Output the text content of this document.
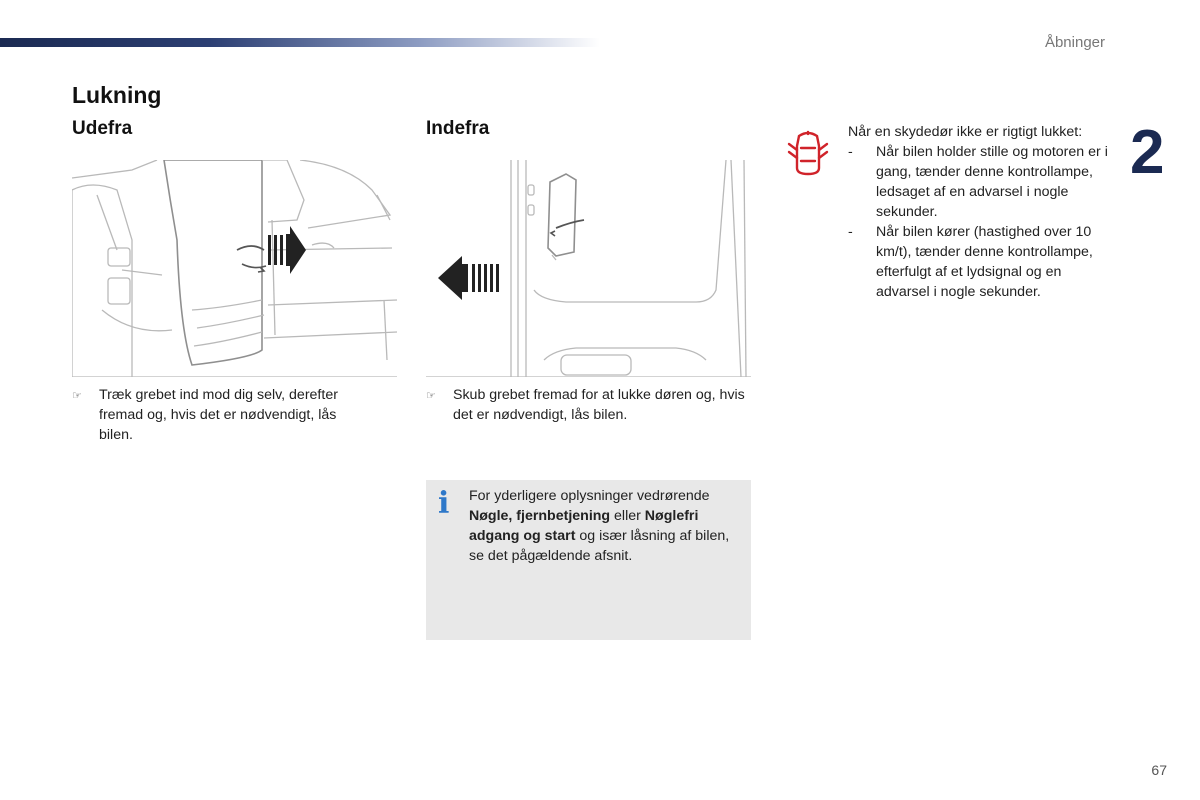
Åbninger
Lukning
Udefra	Indefra
☞	Træk grebet ind mod dig selv, derefter fremad og, hvis det er nødvendigt, lås bilen.
☞	Skub grebet fremad for at lukke døren og, hvis det er nødvendigt, lås bilen.
i For yderligere oplysninger vedrørende Nøgle, fjernbetjening eller Nøglefri adgang og start og især låsning af bilen, se det pågældende afsnit.
Når en skydedør ikke er rigtigt lukket:
- Når bilen holder stille og motoren er i gang, tænder denne kontrollampe, ledsaget af en advarsel i nogle sekunder.
- Når bilen kører (hastighed over 10 km/t), tænder denne kontrollampe, efterfulgt af et lydsignal og en advarsel i nogle sekunder.
2
67
